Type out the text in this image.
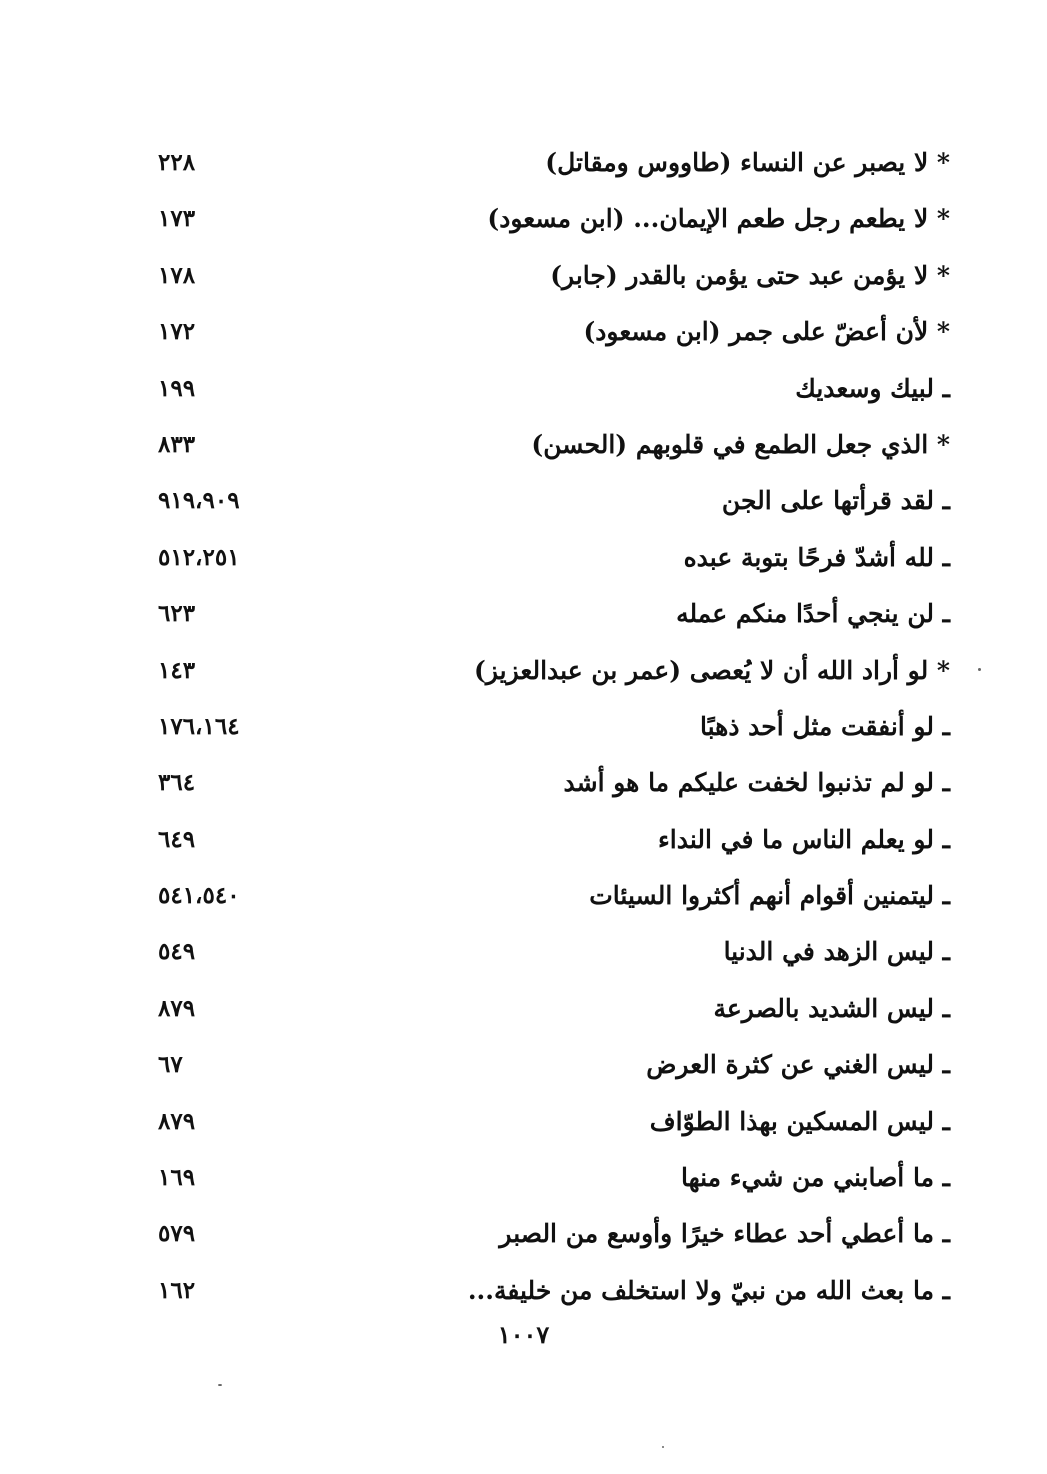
* لا يصبر عن النساء (طاووس ومقاتل)
٢٢٨
* لا يطعم رجل طعم الإيمان... (ابن مسعود)
١٧٣
* لا يؤمن عبد حتى يؤمن بالقدر (جابر)
١٧٨
* لأن أعضّ على جمر (ابن مسعود)
١٧٢
ـ لبيك وسعديك
١٩٩
* الذي جعل الطمع في قلوبهم (الحسن)
٨٣٣
ـ لقد قرأتها على الجن
٩١٩،٩٠٩
ـ لله أشدّ فرحًا بتوبة عبده
٥١٢،٢٥١
ـ لن ينجي أحدًا منكم عمله
٦٢٣
* لو أراد الله أن لا يُعصى (عمر بن عبدالعزيز)
١٤٣
ـ لو أنفقت مثل أحد ذهبًا
١٧٦،١٦٤
ـ لو لم تذنبوا لخفت عليكم ما هو أشد
٣٦٤
ـ لو يعلم الناس ما في النداء
٦٤٩
ـ ليتمنين أقوام أنهم أكثروا السيئات
٥٤١،٥٤٠
ـ ليس الزهد في الدنيا
٥٤٩
ـ ليس الشديد بالصرعة
٨٧٩
ـ ليس الغني عن كثرة العرض
٦٧
ـ ليس المسكين بهذا الطوّاف
٨٧٩
ـ ما أصابني من شيء منها
١٦٩
ـ ما أعطي أحد عطاء خيرًا وأوسع من الصبر
٥٧٩
ـ ما بعث الله من نبيّ ولا استخلف من خليفة...
١٦٢
١٠٠٧
